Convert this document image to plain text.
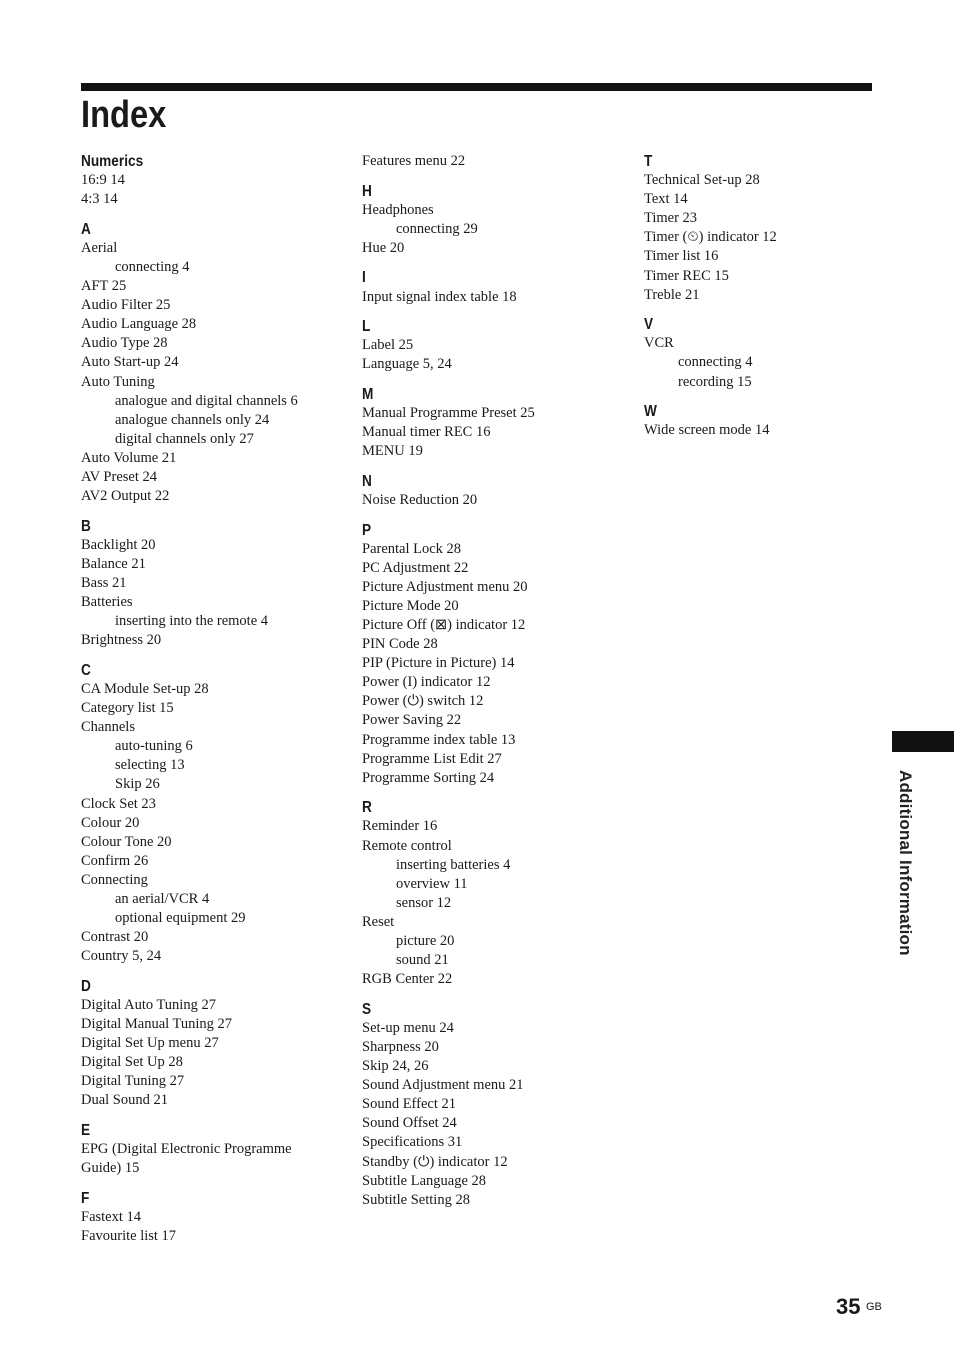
Index
Numerics
16:9 14
4:3 14
A
Aerial
connecting 4
AFT 25
Audio Filter 25
Audio Language 28
Audio Type 28
Auto Start-up 24
Auto Tuning
analogue and digital channels 6
analogue channels only 24
digital channels only 27
Auto Volume 21
AV Preset 24
AV2 Output 22
B
Backlight 20
Balance 21
Bass 21
Batteries
inserting into the remote 4
Brightness 20
C
CA Module Set-up 28
Category list 15
Channels
auto-tuning 6
selecting 13
Skip 26
Clock Set 23
Colour 20
Colour Tone 20
Confirm 26
Connecting
an aerial/VCR 4
optional equipment 29
Contrast 20
Country 5, 24
D
Digital Auto Tuning 27
Digital Manual Tuning 27
Digital Set Up menu 27
Digital Set Up 28
Digital Tuning 27
Dual Sound 21
E
EPG (Digital Electronic Programme Guide) 15
F
Fastext 14
Favourite list 17
Features menu 22
H
Headphones
connecting 29
Hue 20
I
Input signal index table 18
L
Label 25
Language 5, 24
M
Manual Programme Preset 25
Manual timer REC 16
MENU 19
N
Noise Reduction 20
P
Parental Lock 28
PC Adjustment 22
Picture Adjustment menu 20
Picture Mode 20
Picture Off (⊠) indicator 12
PIN Code 28
PIP (Picture in Picture) 14
Power (I) indicator 12
Power (⏻) switch 12
Power Saving 22
Programme index table 13
Programme List Edit 27
Programme Sorting 24
R
Reminder 16
Remote control
inserting batteries 4
overview 11
sensor 12
Reset
picture 20
sound 21
RGB Center 22
S
Set-up menu 24
Sharpness 20
Skip 24, 26
Sound Adjustment menu 21
Sound Effect 21
Sound Offset 24
Specifications 31
Standby (⏻) indicator 12
Subtitle Language 28
Subtitle Setting 28
T
Technical Set-up 28
Text 14
Timer 23
Timer (⏲) indicator 12
Timer list 16
Timer REC 15
Treble 21
V
VCR
connecting 4
recording 15
W
Wide screen mode 14
Additional Information
35 GB
